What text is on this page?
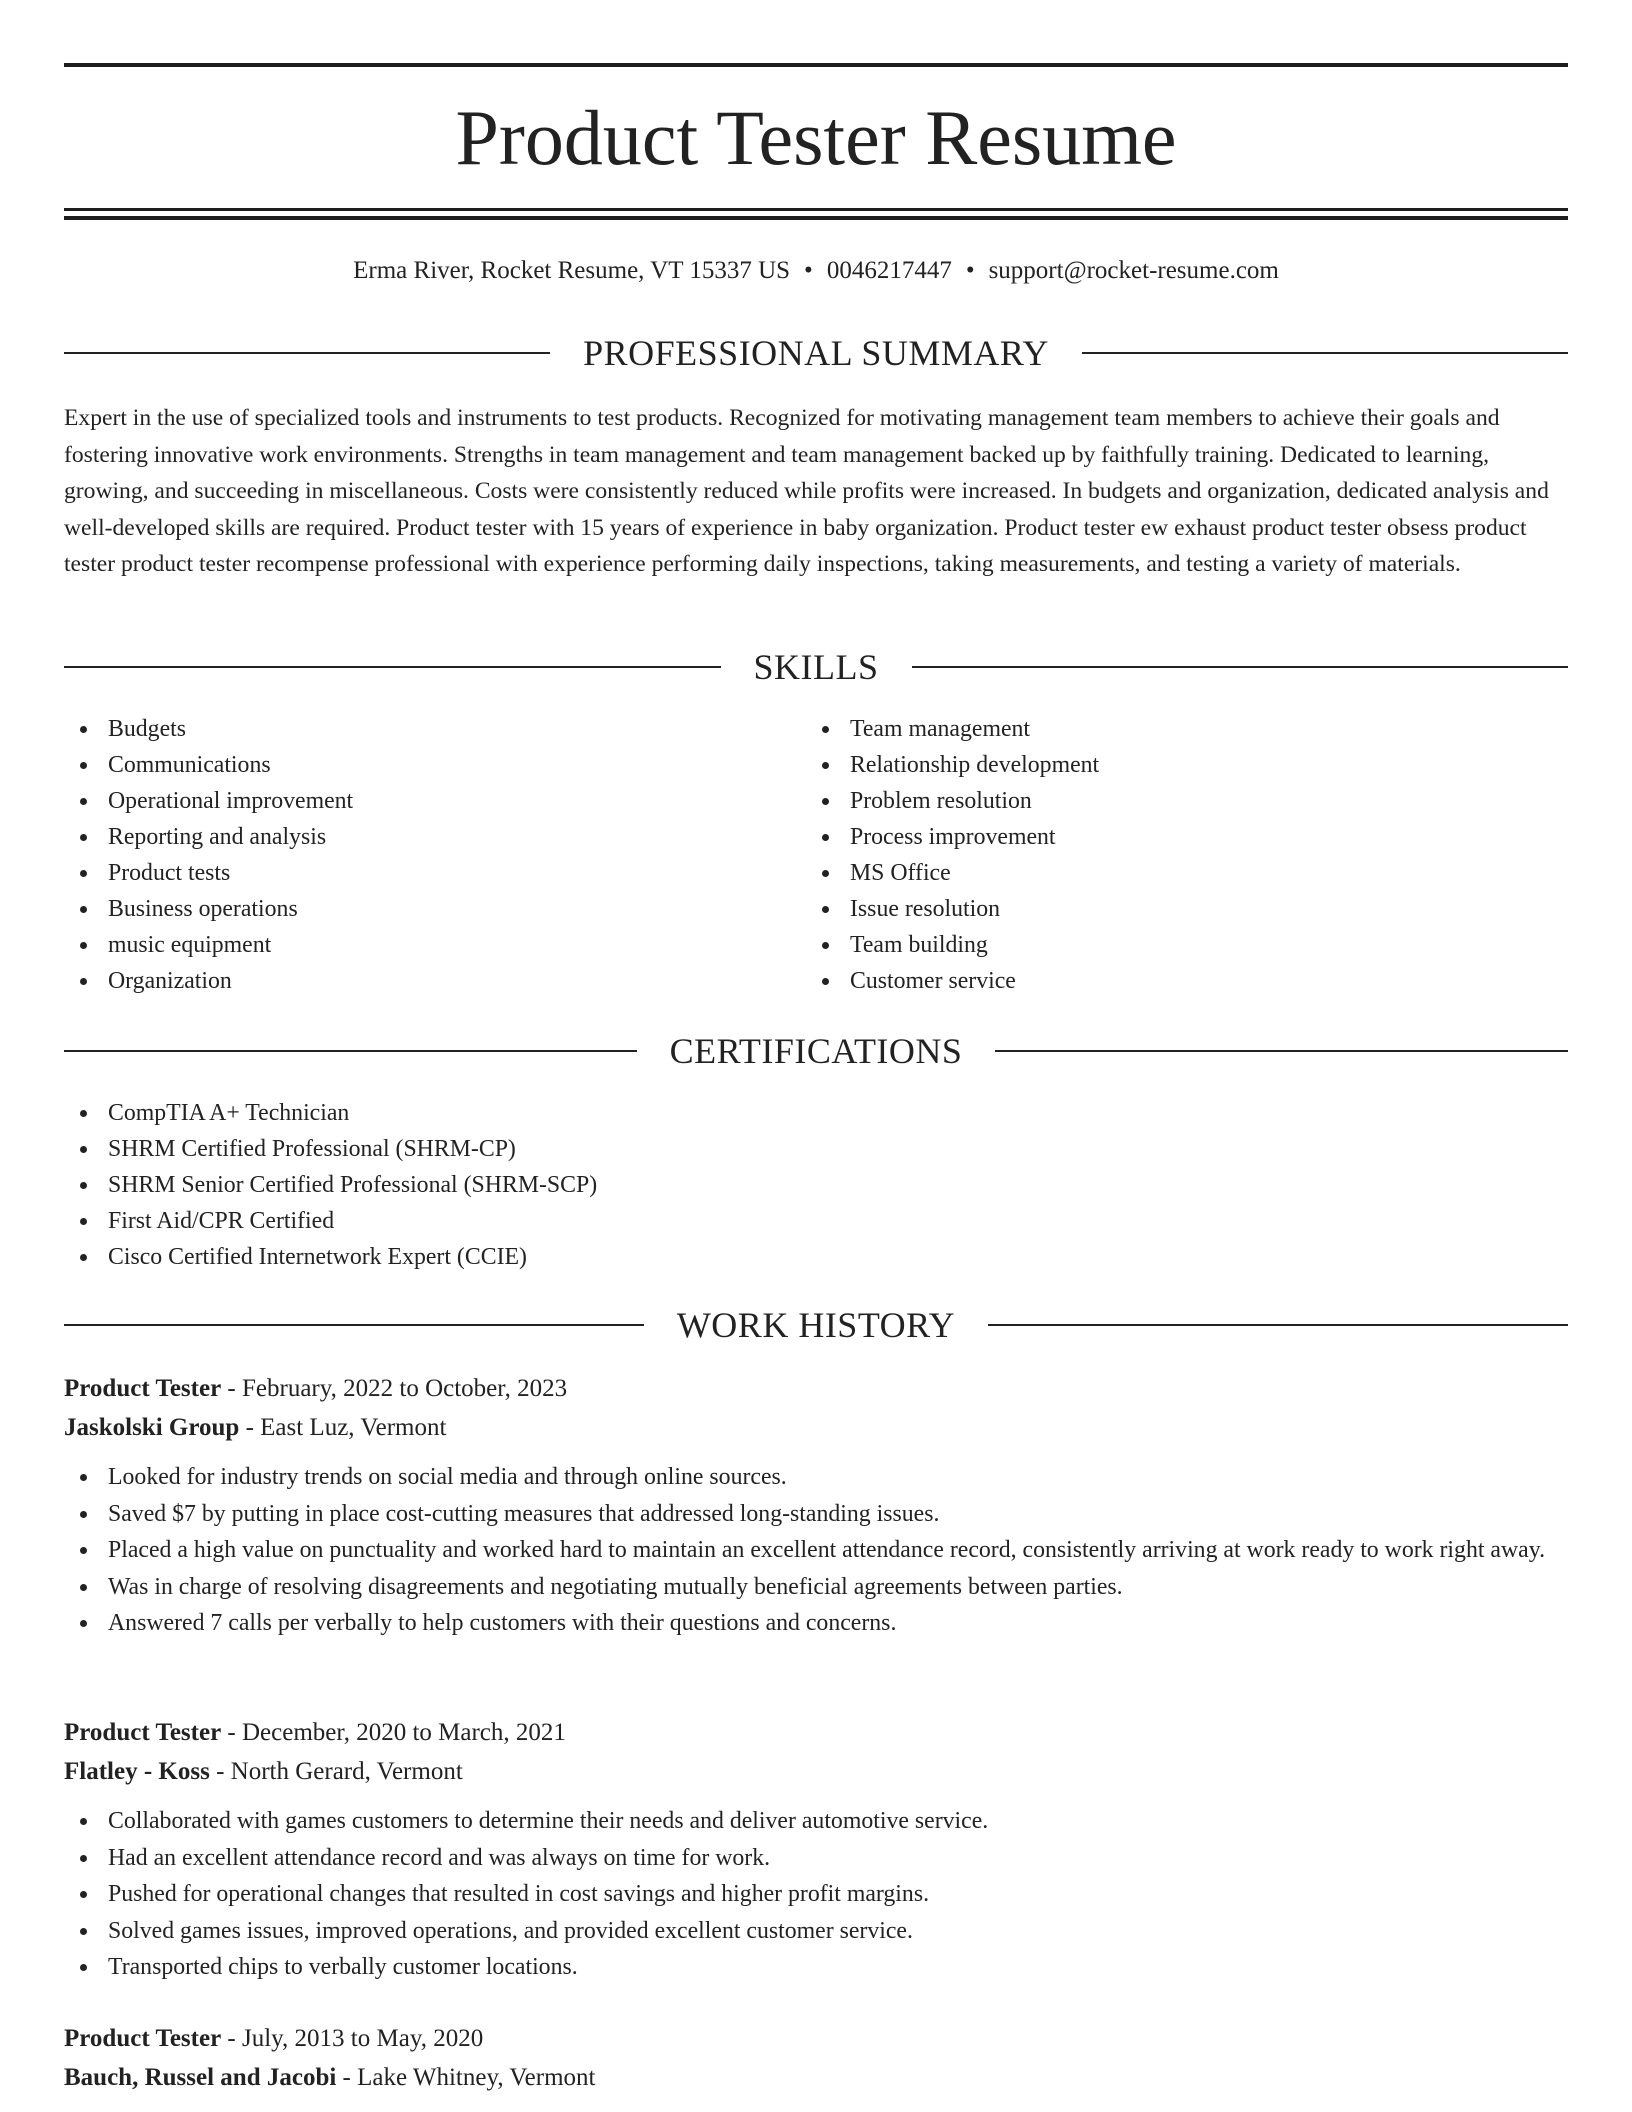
Product Tester Resume
Erma River, Rocket Resume, VT 15337 US • 0046217447 • support@rocket-resume.com
PROFESSIONAL SUMMARY

Expert in the use of specialized tools and instruments to test products. Recognized for motivating management team members to achieve their goals and fostering innovative work environments. Strengths in team management and team management backed up by faithfully training. Dedicated to learning, growing, and succeeding in miscellaneous. Costs were consistently reduced while profits were increased. In budgets and organization, dedicated analysis and well-developed skills are required. Product tester with 15 years of experience in baby organization. Product tester ew exhaust product tester obsess product tester product tester recompense professional with experience performing daily inspections, taking measurements, and testing a variety of materials.

SKILLS
Budgets
Communications
Operational improvement
Reporting and analysis
Product tests
Business operations
music equipment
Organization
Team management
Relationship development
Problem resolution
Process improvement
MS Office
Issue resolution
Team building
Customer service
CERTIFICATIONS
CompTIA A+ Technician
SHRM Certified Professional (SHRM-CP)
SHRM Senior Certified Professional (SHRM-SCP)
First Aid/CPR Certified
Cisco Certified Internetwork Expert (CCIE)
WORK HISTORY
Product Tester - February, 2022 to October, 2023
Jaskolski Group - East Luz, Vermont
Looked for industry trends on social media and through online sources.
Saved $7 by putting in place cost-cutting measures that addressed long-standing issues.
Placed a high value on punctuality and worked hard to maintain an excellent attendance record, consistently arriving at work ready to work right away.
Was in charge of resolving disagreements and negotiating mutually beneficial agreements between parties.
Answered 7 calls per verbally to help customers with their questions and concerns.
Product Tester - December, 2020 to March, 2021
Flatley - Koss - North Gerard, Vermont
Collaborated with games customers to determine their needs and deliver automotive service.
Had an excellent attendance record and was always on time for work.
Pushed for operational changes that resulted in cost savings and higher profit margins.
Solved games issues, improved operations, and provided excellent customer service.
Transported chips to verbally customer locations.
Product Tester - July, 2013 to May, 2020
Bauch, Russel and Jacobi - Lake Whitney, Vermont
